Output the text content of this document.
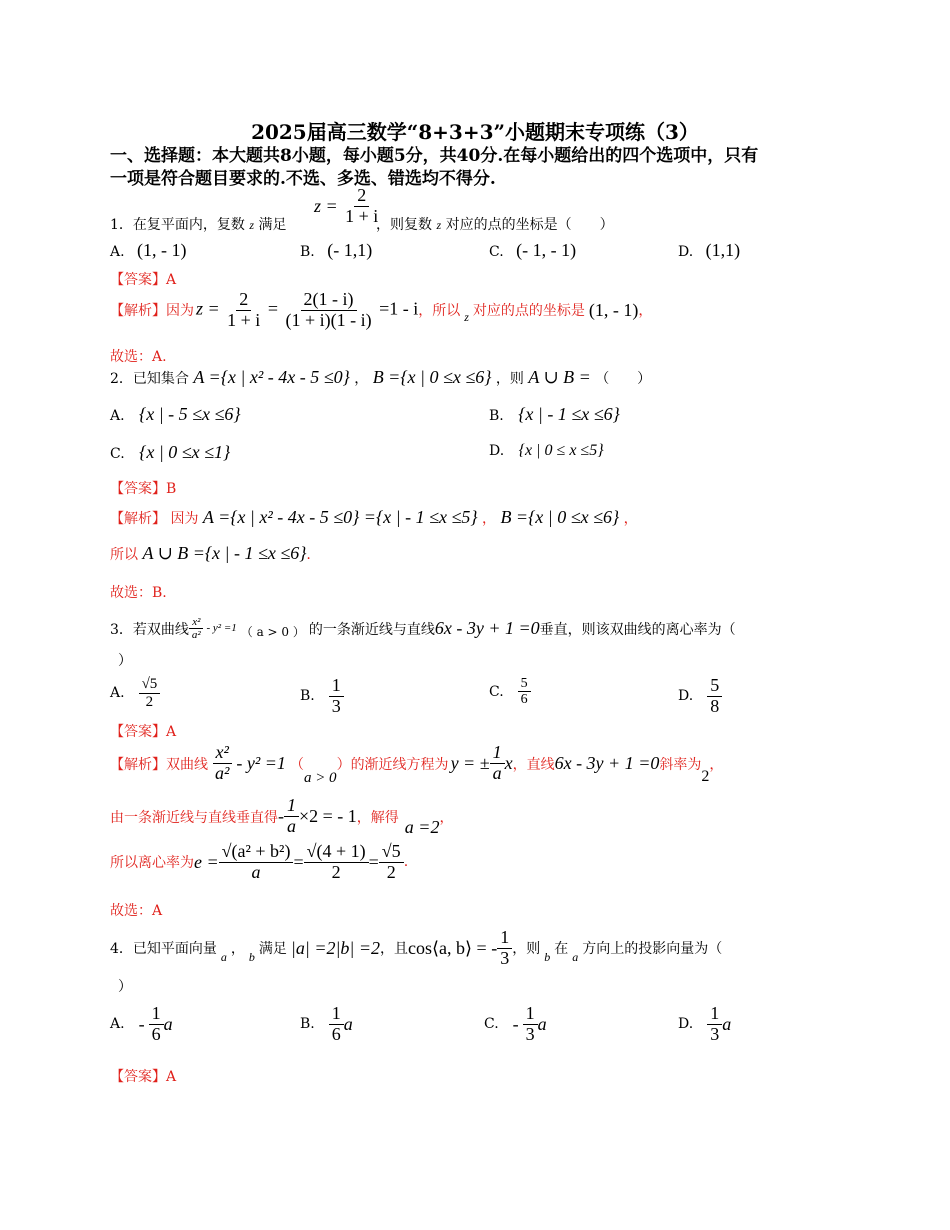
2025届高三数学“8+3+3”小题期末专项练（3）
一、选择题：本大题共8小题，每小题5分，共40分.在每小题给出的四个选项中，只有
一项是符合题目要求的.不选、多选、错选均不得分.
1．在复平面内，复数 z 满足
$z = \frac{2}{1 + i}$
，则复数 z 对应的点的坐标是（　　）
A. (1, - 1)	B. (- 1,1)	C. (- 1, - 1)	D. (1,1)
【答案】A
【解析】 因为 $z = \frac{2}{1 + i} = \frac{2(1 - i)}{(1 + i)(1 - i)} =1 - i$ ，所以 z 对应的点的坐标是 (1, - 1) ，
故选：A.
2．已知集合 A ={x | x² - 4x - 5 ≤0} ， B ={x | 0 ≤x ≤6} ，则 A ∪ B = （　　）
A. {x | - 5 ≤x ≤6}	B. {x | - 1 ≤x ≤6}
C. {x | 0 ≤x ≤1}	D. {x | 0 ≤ x ≤5}
【答案】B
【解析】 因为 A ={x | x² - 4x - 5 ≤0} ={x | - 1 ≤x ≤5} ， B ={x | 0 ≤x ≤6} ，
所以 A ∪ B ={x | - 1 ≤x ≤6}.
故选：B.
3．若双曲线 $\frac{\text{x²}}{\text{a²}} - y^2 =1$ （ a > 0 ） 的一条渐近线与直线 6x - 3y + 1 =0 垂直，则该双曲线的离心率为（
）
A. $\frac{√5}{2}$	B. $\frac{1}{3}$	C. $\frac{5}{6}$	D. $\frac{5}{8}$
【答案】A
【解析】 双曲线 $\frac{\text{x²}}{\text{a²}} - y^2 =1$ （
a > 0
） 的渐近线方程为 y = ± $\frac{1}{a}$ x ，直线 6x - 3y + 1 =0 斜率为
2
，
由一条渐近线与直线垂直得 - $\frac{1}{a} \times 2$ = - 1 ，解得 a =2 ，
所以离心率为 $e = \frac{\text{√(a² + b²)}}{a} = \frac{√(4 + 1)}{2} = \frac{√5}{2}$ .
故选：A
4．已知平面向量 a ， b 满足 |a| =2|b| =2 ，且 cos⟨a, b⟩ = - $\frac{1}{3}$ ，则 b 在 a 方向上的投影向量为（
）
A. - $\frac{1}{6}$ a	B. $\frac{1}{6}$ a	C. - $\frac{1}{3}$ a	D. $\frac{1}{3}$ a
【答案】A
